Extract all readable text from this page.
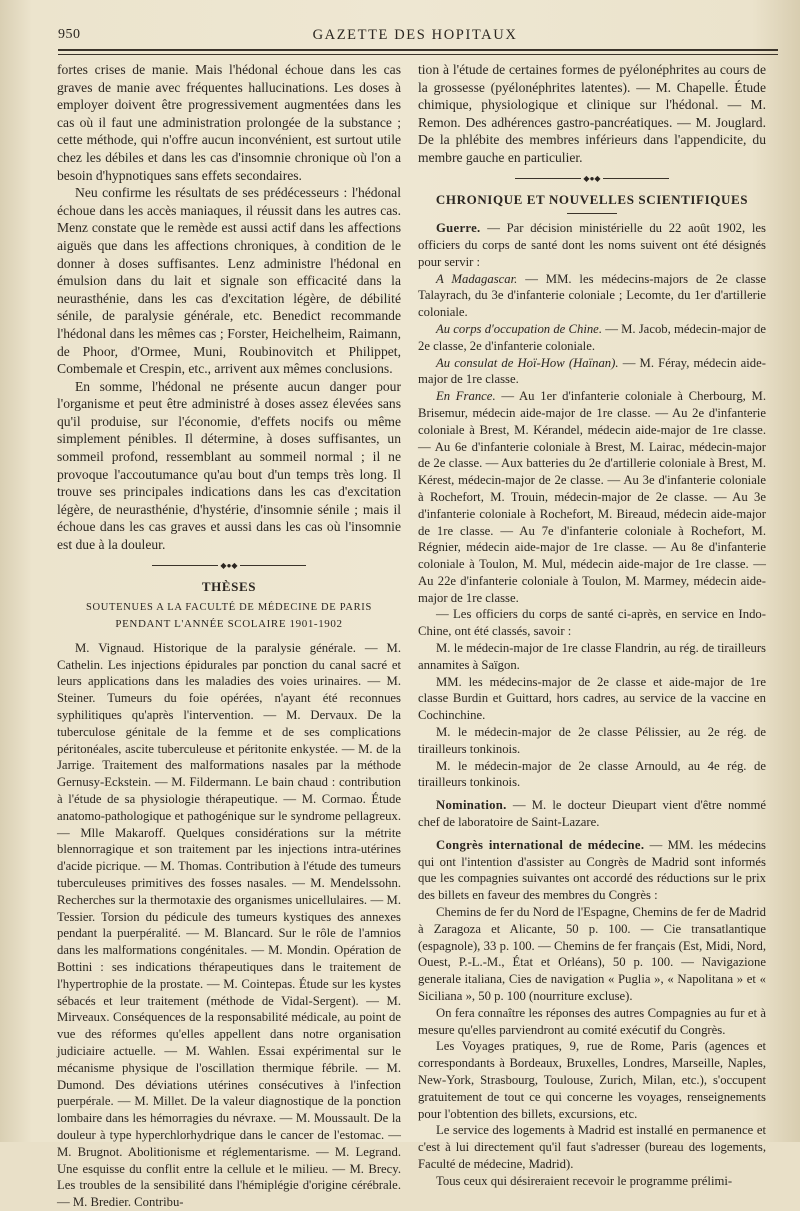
950	GAZETTE DES HOPITAUX

fortes crises de manie. Mais l'hédonal échoue dans les cas graves de manie avec fréquentes hallucinations. Les doses à employer doivent être progressivement augmentées dans les cas où il faut une administration prolongée de la substance ; cette méthode, qui n'offre aucun inconvénient, est surtout utile chez les débiles et dans les cas d'insomnie chronique où l'on a besoin d'hypnotiques sans effets secondaires.

Neu confirme les résultats de ses prédécesseurs : l'hédonal échoue dans les accès maniaques, il réussit dans les autres cas. Menz constate que le remède est aussi actif dans les affections aiguës que dans les affections chroniques, à condition de le donner à doses suffisantes. Lenz administre l'hédonal en émulsion dans du lait et signale son efficacité dans la neurasthénie, dans les cas d'excitation légère, de débilité sénile, de paralysie générale, etc. Benedict recommande l'hédonal dans les mêmes cas ; Forster, Heichelheim, Raimann, de Phoor, d'Ormee, Muni, Roubinovitch et Philippet, Combemale et Crespin, etc., arrivent aux mêmes conclusions.

En somme, l'hédonal ne présente aucun danger pour l'organisme et peut être administré à doses assez élevées sans qu'il produise, sur l'économie, d'effets nocifs ou même simplement pénibles. Il détermine, à doses suffisantes, un sommeil profond, ressemblant au sommeil normal ; il ne provoque l'accoutumance qu'au bout d'un temps très long. Il trouve ses principales indications dans les cas d'excitation légère, de neurasthénie, d'hystérie, d'insomnie sénile ; mais il échoue dans les cas graves et aussi dans les cas où l'insomnie est due à la douleur.

◆●◆
THÈSES
SOUTENUES A LA FACULTÉ DE MÉDECINE DE PARIS
PENDANT L'ANNÉE SCOLAIRE 1901-1902

M. Vignaud. Historique de la paralysie générale. — M. Cathelin. Les injections épidurales par ponction du canal sacré et leurs applications dans les maladies des voies urinaires. — M. Steiner. Tumeurs du foie opérées, n'ayant été reconnues syphilitiques qu'après l'intervention. — M. Dervaux. De la tuberculose génitale de la femme et de ses complications péritonéales, ascite tuberculeuse et péritonite enkystée. — M. de la Jarrige. Traitement des malformations nasales par la méthode Gernusy-Eckstein. — M. Fildermann. Le bain chaud : contribution à l'étude de sa physiologie thérapeutique. — M. Cormao. Étude anatomo-pathologique et pathogénique sur le syndrome pellagreux. — Mlle Makaroff. Quelques considérations sur la métrite blennorragique et son traitement par les injections intra-utérines d'acide picrique. — M. Thomas. Contribution à l'étude des tumeurs tuberculeuses primitives des fosses nasales. — M. Mendelssohn. Recherches sur la thermotaxie des organismes unicellulaires. — M. Tessier. Torsion du pédicule des tumeurs kystiques des annexes pendant la puerpéralité. — M. Blancard. Sur le rôle de l'amnios dans les malformations congénitales. — M. Mondin. Opération de Bottini : ses indications thérapeutiques dans le traitement de l'hypertrophie de la prostate. — M. Cointepas. Étude sur les kystes sébacés et leur traitement (méthode de Vidal-Sergent). — M. Mirveaux. Conséquences de la responsabilité médicale, au point de vue des réformes qu'elles appellent dans notre organisation judiciaire actuelle. — M. Wahlen. Essai expérimental sur le mécanisme physique de l'oscillation thermique fébrile. — M. Dumond. Des déviations utérines consécutives à l'infection puerpérale. — M. Millet. De la valeur diagnostique de la ponction lombaire dans les hémorragies du névraxe. — M. Moussault. De la douleur à type hyperchlorhydrique dans le cancer de l'estomac. — M. Brugnot. Abolitionisme et réglementarisme. — M. Legrand. Une esquisse du conflit entre la cellule et le milieu. — M. Brecy. Les troubles de la sensibilité dans l'hémiplégie d'origine cérébrale. — M. Bredier. Contribu-

tion à l'étude de certaines formes de pyélonéphrites au cours de la grossesse (pyélonéphrites latentes). — M. Chapelle. Étude chimique, physiologique et clinique sur l'hédonal. — M. Remon. Des adhérences gastro-pancréatiques. — M. Jouglard. De la phlébite des membres inférieurs dans l'appendicite, du membre gauche en particulier.

◆●◆
CHRONIQUE ET NOUVELLES SCIENTIFIQUES

Guerre. — Par décision ministérielle du 22 août 1902, les officiers du corps de santé dont les noms suivent ont été désignés pour servir :

A Madagascar. — MM. les médecins-majors de 2e classe Talayrach, du 3e d'infanterie coloniale ; Lecomte, du 1er d'artillerie coloniale.

Au corps d'occupation de Chine. — M. Jacob, médecin-major de 2e classe, 2e d'infanterie coloniale.

Au consulat de Hoï-How (Haïnan). — M. Féray, médecin aide-major de 1re classe.

En France. — Au 1er d'infanterie coloniale à Cherbourg, M. Brisemur, médecin aide-major de 1re classe. — Au 2e d'infanterie coloniale à Brest, M. Kérandel, médecin aide-major de 1re classe. — Au 6e d'infanterie coloniale à Brest, M. Lairac, médecin-major de 2e classe. — Aux batteries du 2e d'artillerie coloniale à Brest, M. Kérest, médecin-major de 2e classe. — Au 3e d'infanterie coloniale à Rochefort, M. Trouin, médecin-major de 2e classe. — Au 3e d'infanterie coloniale à Rochefort, M. Bireaud, médecin aide-major de 1re classe. — Au 7e d'infanterie coloniale à Rochefort, M. Régnier, médecin aide-major de 1re classe. — Au 8e d'infanterie coloniale à Toulon, M. Mul, médecin aide-major de 1re classe. — Au 22e d'infanterie coloniale à Toulon, M. Marmey, médecin aide-major de 1re classe.

— Les officiers du corps de santé ci-après, en service en Indo-Chine, ont été classés, savoir :

M. le médecin-major de 1re classe Flandrin, au rég. de tirailleurs annamites à Saïgon.

MM. les médecins-major de 2e classe et aide-major de 1re classe Burdin et Guittard, hors cadres, au service de la vaccine en Cochinchine.

M. le médecin-major de 2e classe Pélissier, au 2e rég. de tirailleurs tonkinois.

M. le médecin-major de 2e classe Arnould, au 4e rég. de tirailleurs tonkinois.

Nomination. — M. le docteur Dieupart vient d'être nommé chef de laboratoire de Saint-Lazare.

Congrès international de médecine. — MM. les médecins qui ont l'intention d'assister au Congrès de Madrid sont informés que les compagnies suivantes ont accordé des réductions sur le prix des billets en faveur des membres du Congrès :

Chemins de fer du Nord de l'Espagne, Chemins de fer de Madrid à Zaragoza et Alicante, 50 p. 100. — Cie transatlantique (espagnole), 33 p. 100. — Chemins de fer français (Est, Midi, Nord, Ouest, P.-L.-M., État et Orléans), 50 p. 100. — Navigazione generale italiana, Cies de navigation « Puglia », « Napolitana » et « Siciliana », 50 p. 100 (nourriture excluse).

On fera connaître les réponses des autres Compagnies au fur et à mesure qu'elles parviendront au comité exécutif du Congrès.

Les Voyages pratiques, 9, rue de Rome, Paris (agences et correspondants à Bordeaux, Bruxelles, Londres, Marseille, Naples, New-York, Strasbourg, Toulouse, Zurich, Milan, etc.), s'occupent gratuitement de tout ce qui concerne les voyages, renseignements pour l'obtention des billets, excursions, etc.

Le service des logements à Madrid est installé en permanence et c'est à lui directement qu'il faut s'adresser (bureau des logements, Faculté de médecine, Madrid).

Tous ceux qui désireraient recevoir le programme prélimi-
